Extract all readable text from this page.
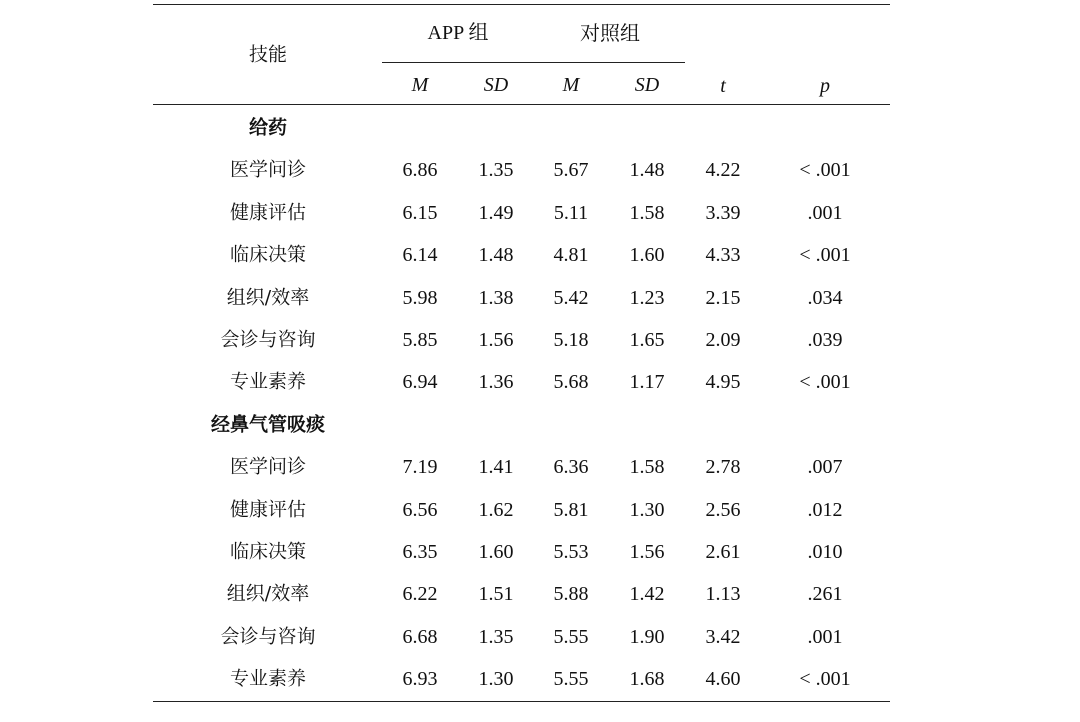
技能
APP 组	对照组
M	SD	M	SD	t	p
给药
医学问诊	6.86 1.35 5.67 1.48 4.22	< .001
健康评估	6.15 1.49 5.11 1.58 3.39	.001
临床决策	6.14 1.48 4.81 1.60 4.33	< .001
组织/效率	5.98 1.38 5.42 1.23 2.15	.034
会诊与咨询	5.85 1.56 5.18 1.65 2.09	.039
专业素养	6.94 1.36 5.68 1.17 4.95	< .001
经鼻气管吸痰
医学问诊	7.19 1.41 6.36 1.58 2.78	.007
健康评估	6.56 1.62 5.81 1.30 2.56	.012
临床决策	6.35 1.60 5.53 1.56 2.61	.010
组织/效率	6.22 1.51 5.88 1.42 1.13	.261
会诊与咨询	6.68 1.35 5.55 1.90 3.42	.001
专业素养	6.93 1.30 5.55 1.68 4.60	< .001
